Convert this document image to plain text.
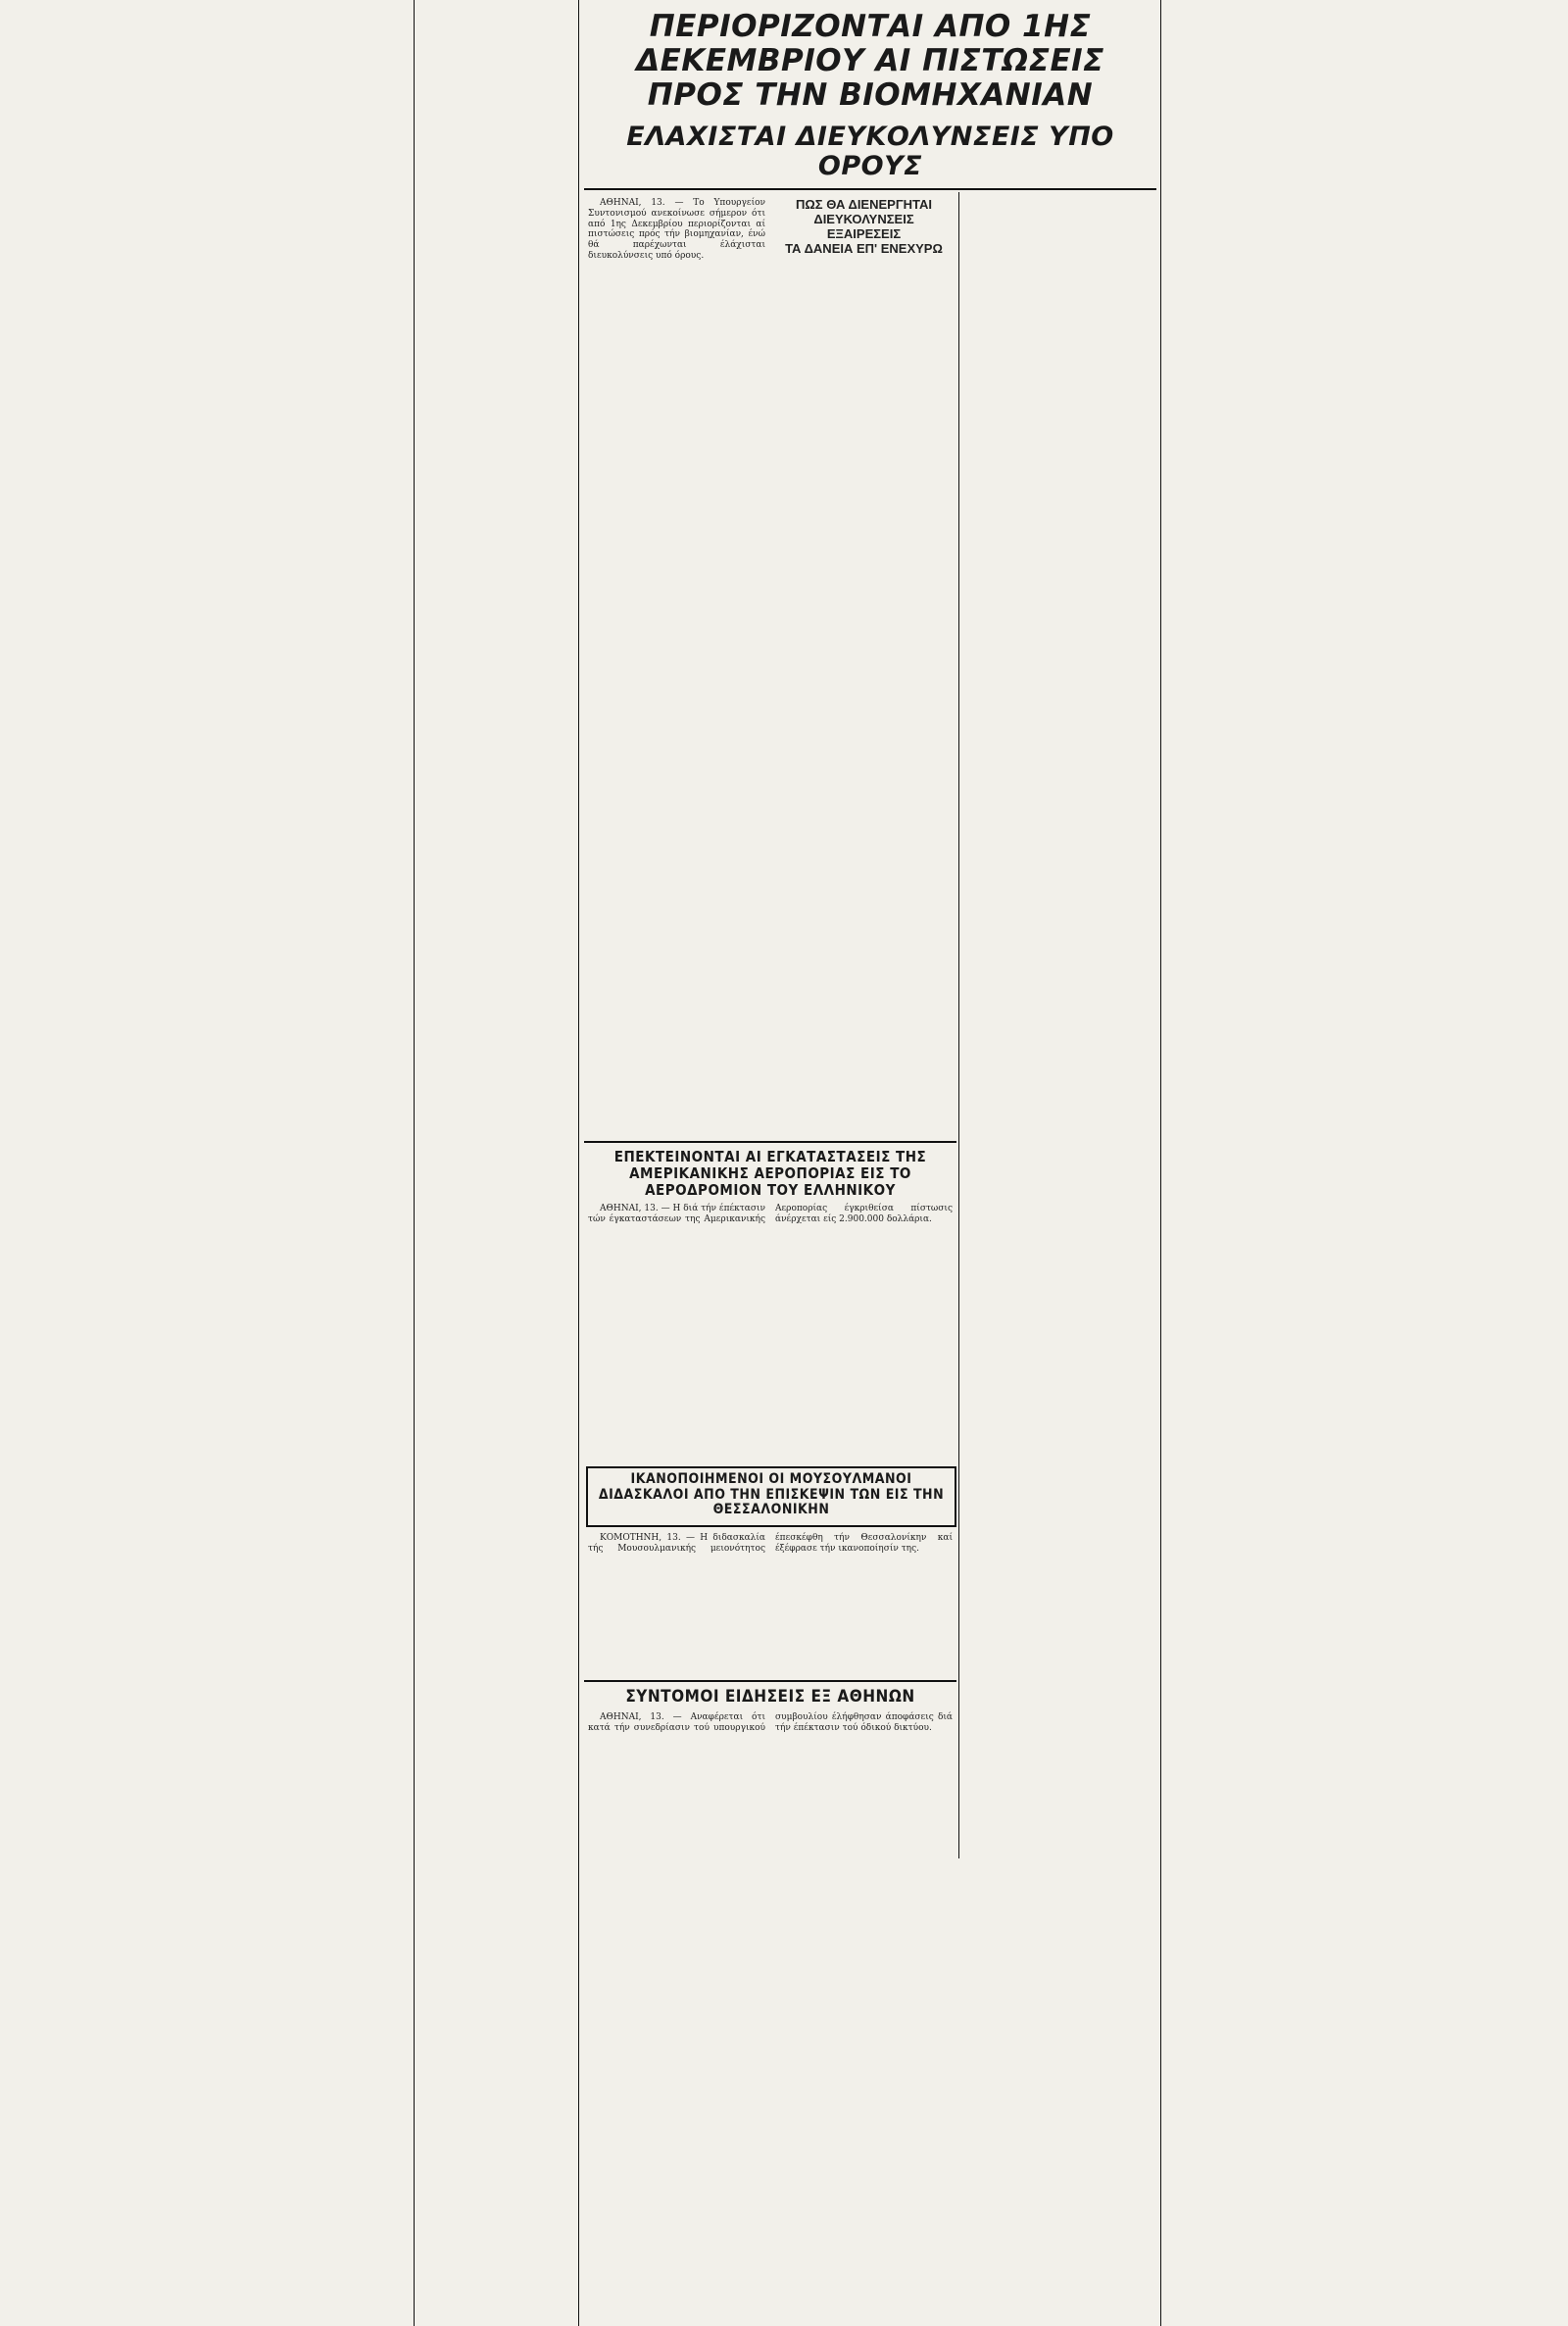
ΠΕΡΙΟΡΙΖΟΝΤΑΙ ΑΠΟ 1ΗΣ ΔΕΚΕΜΒΡΙΟΥ ΑΙ ΠΙΣΤΩΣΕΙΣ ΠΡΟΣ ΤΗΝ ΒΙΟΜΗΧΑΝΙΑΝ
ΕΛΑΧΙΣΤΑΙ ΔΙΕΥΚΟΛΥΝΣΕΙΣ ΥΠΟ ΟΡΟΥΣ

ΑΘΗΝΑΙ, 13. — Το Υπουργείον Συντονισμού ανεκοίνωσε σήμερον ότι από 1ης Δεκεμβρίου περιορίζονται αί πιστώσεις πρός τήν βιομηχανίαν, ένώ θά παρέχωνται έλάχισται διευκολύνσεις υπό όρους.

ΠΩΣ ΘΑ ΔΙΕΝΕΡΓΗΤΑΙ
ΔΙΕΥΚΟΛΥΝΣΕΙΣ
ΕΞΑΙΡΕΣΕΙΣ
ΤΑ ΔΑΝΕΙΑ ΕΠ' ΕΝΕΧΥΡΩ

ΕΠΕΚΤΕΙΝΟΝΤΑΙ ΑΙ ΕΓΚΑΤΑΣΤΑΣΕΙΣ ΤΗΣ ΑΜΕΡΙΚΑΝΙΚΗΣ ΑΕΡΟΠΟΡΙΑΣ ΕΙΣ ΤΟ ΑΕΡΟΔΡΟΜΙΟΝ ΤΟΥ ΕΛΛΗΝΙΚΟΥ

ΑΘΗΝΑΙ, 13. — Η διά τήν έπέκτασιν τών έγκαταστάσεων της Αμερικανικής Αεροπορίας έγκριθείσα πίστωσις άνέρχεται είς 2.900.000 δολλάρια.

ΙΚΑΝΟΠΟΙΗΜΕΝΟΙ ΟΙ ΜΟΥΣΟΥΛΜΑΝΟΙ ΔΙΔΑΣΚΑΛΟΙ ΑΠΟ ΤΗΝ ΕΠΙΣΚΕΨΙΝ ΤΩΝ ΕΙΣ ΤΗΝ ΘΕΣΣΑΛΟΝΙΚΗΝ

ΚΟΜΟΤΗΝΗ, 13. — Η διδασκαλία τής Μουσουλμανικής μειονότητος έπεσκέφθη τήν Θεσσαλονίκην καί έξέφρασε τήν ικανοποίησίν της.

ΣΥΝΤΟΜΟΙ ΕΙΔΗΣΕΙΣ ΕΞ ΑΘΗΝΩΝ

ΑΘΗΝΑΙ, 13. — Αναφέρεται ότι κατά τήν συνεδρίασιν τού υπουργικού συμβουλίου έλήφθησαν άποφάσεις διά τήν έπέκτασιν τού όδικού δικτύου.
